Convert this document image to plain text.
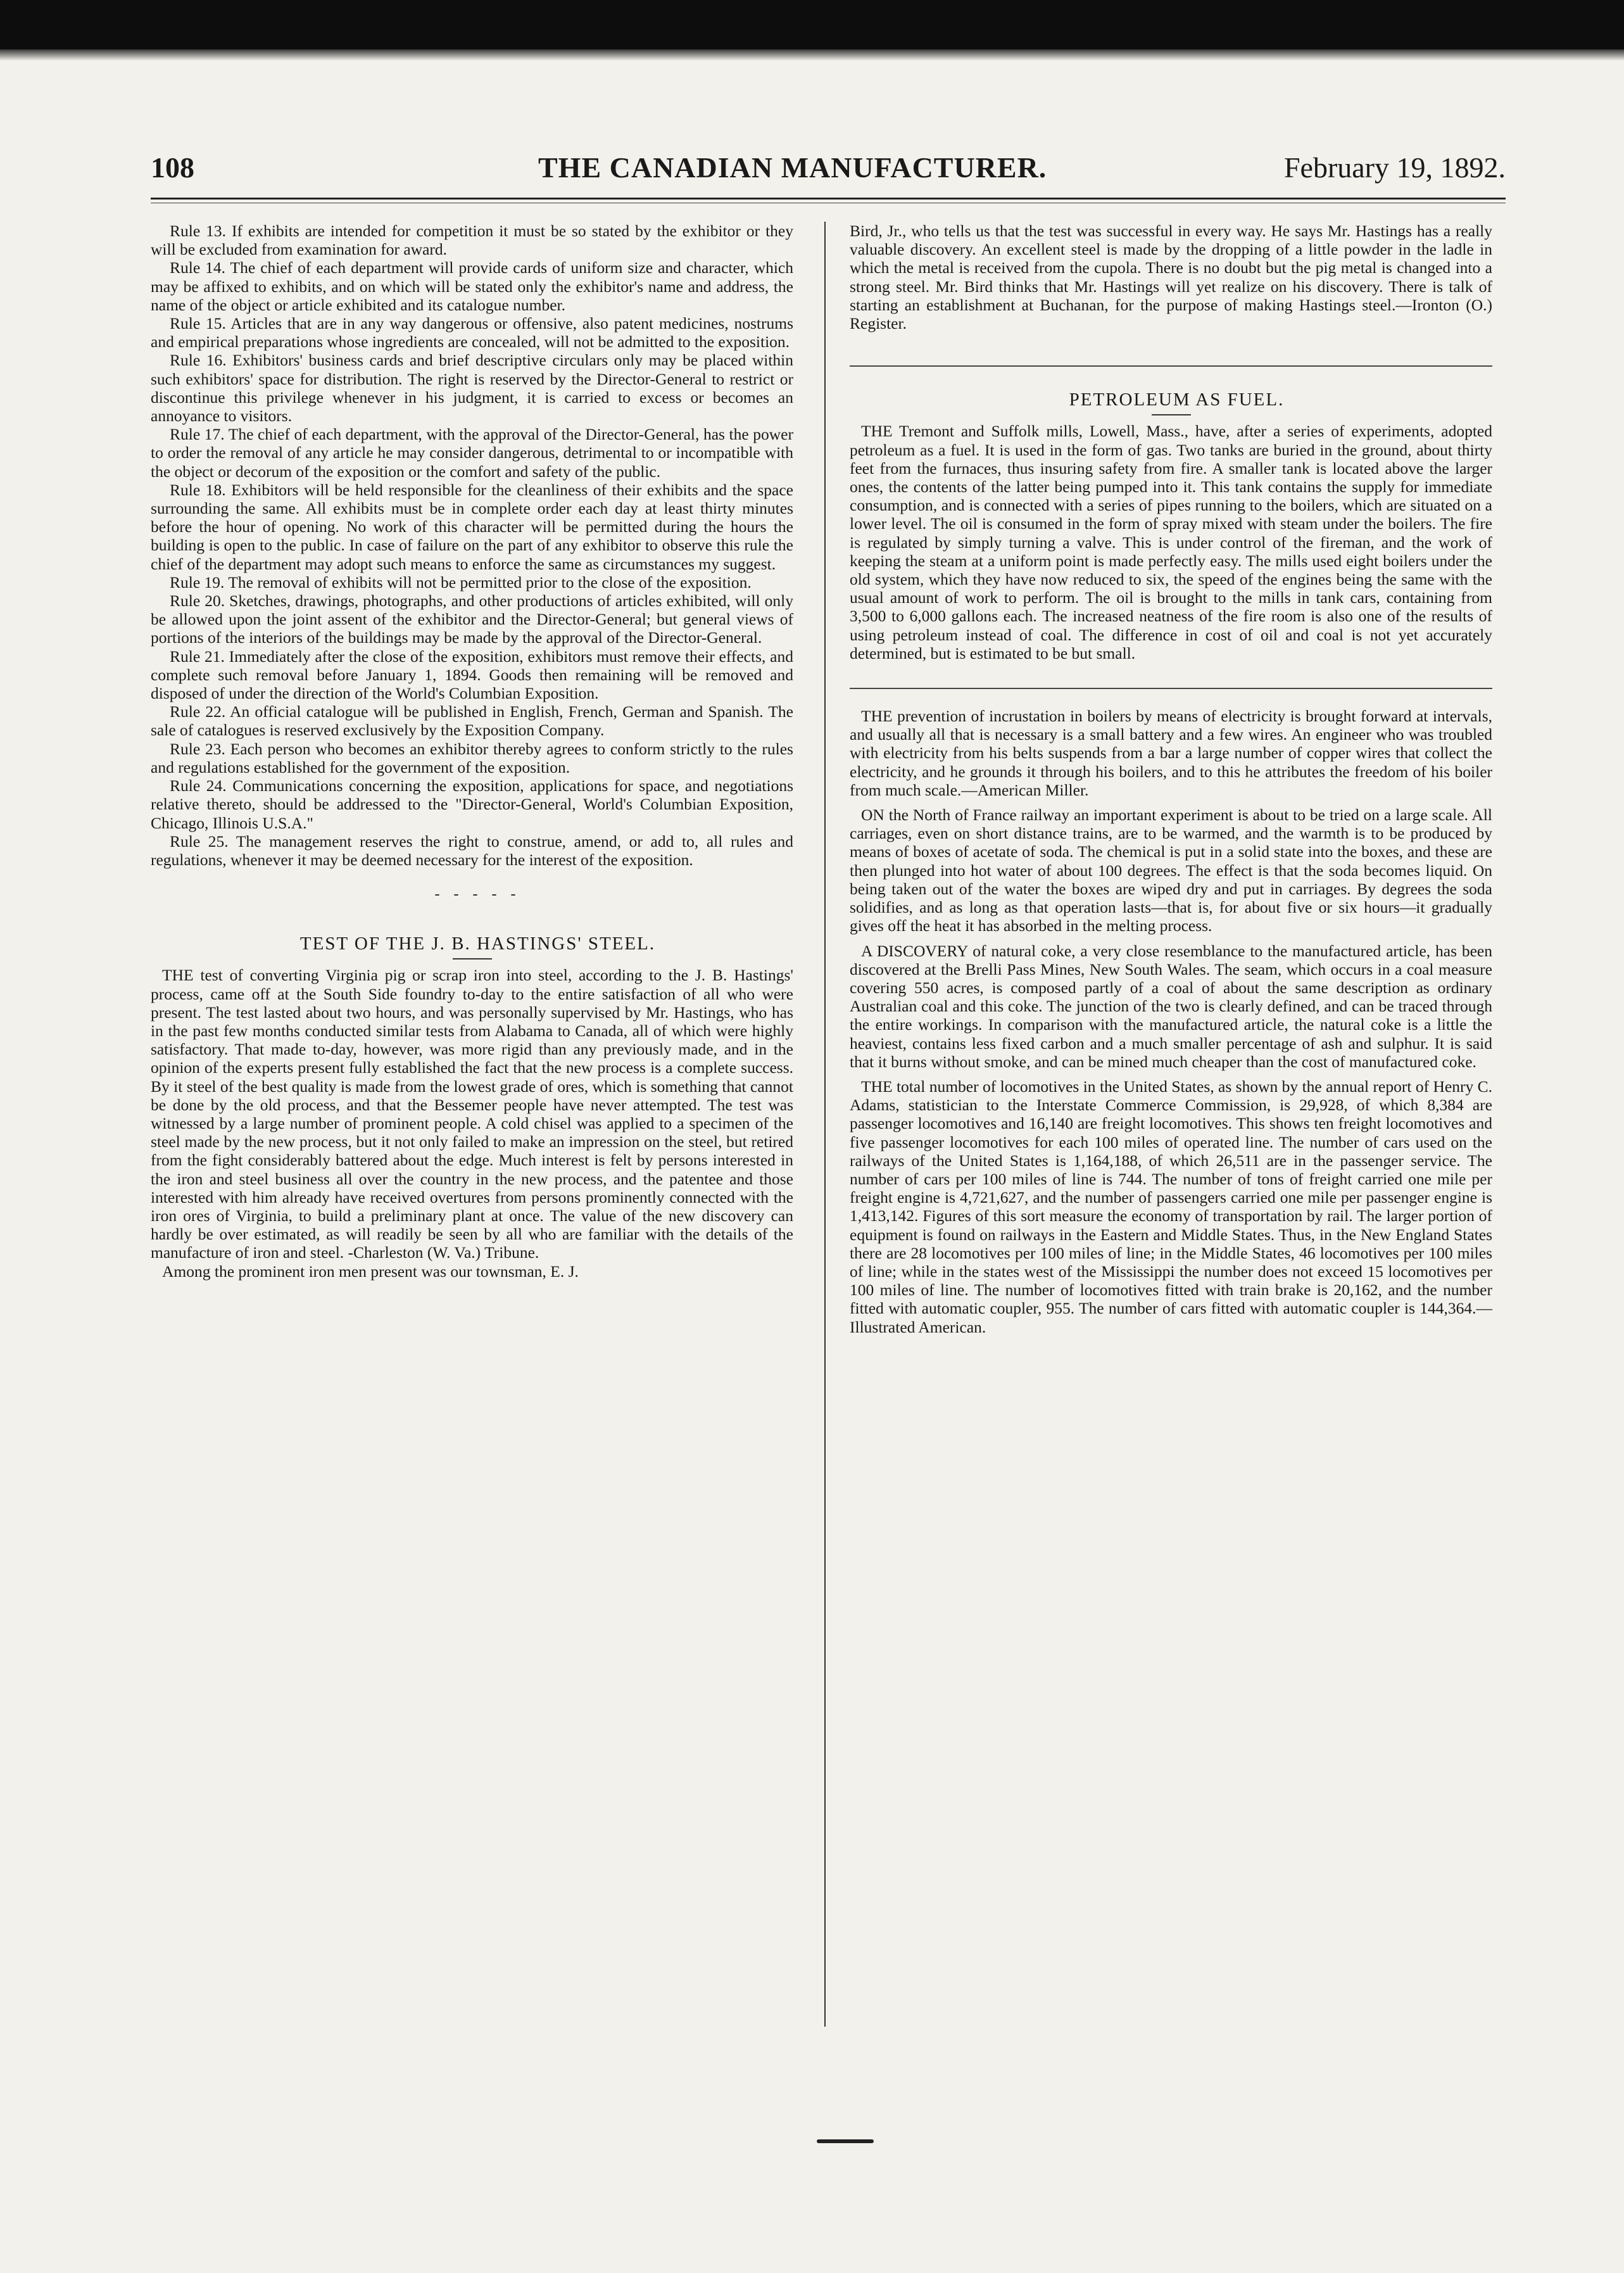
108	THE CANADIAN MANUFACTURER.	February 19, 1892.

Rule 13. If exhibits are intended for competition it must be so stated by the exhibitor or they will be excluded from examination for award.

Rule 14. The chief of each department will provide cards of uniform size and character, which may be affixed to exhibits, and on which will be stated only the exhibitor's name and address, the name of the object or article exhibited and its catalogue number.

Rule 15. Articles that are in any way dangerous or offensive, also patent medicines, nostrums and empirical preparations whose ingredients are concealed, will not be admitted to the exposition.

Rule 16. Exhibitors' business cards and brief descriptive circulars only may be placed within such exhibitors' space for distribution. The right is reserved by the Director-General to restrict or discontinue this privilege whenever in his judgment, it is carried to excess or becomes an annoyance to visitors.

Rule 17. The chief of each department, with the approval of the Director-General, has the power to order the removal of any article he may consider dangerous, detrimental to or incompatible with the object or decorum of the exposition or the comfort and safety of the public.

Rule 18. Exhibitors will be held responsible for the cleanliness of their exhibits and the space surrounding the same. All exhibits must be in complete order each day at least thirty minutes before the hour of opening. No work of this character will be permitted during the hours the building is open to the public. In case of failure on the part of any exhibitor to observe this rule the chief of the department may adopt such means to enforce the same as circumstances my suggest.

Rule 19. The removal of exhibits will not be permitted prior to the close of the exposition.

Rule 20. Sketches, drawings, photographs, and other productions of articles exhibited, will only be allowed upon the joint assent of the exhibitor and the Director-General; but general views of portions of the interiors of the buildings may be made by the approval of the Director-General.

Rule 21. Immediately after the close of the exposition, exhibitors must remove their effects, and complete such removal before January 1, 1894. Goods then remaining will be removed and disposed of under the direction of the World's Columbian Exposition.

Rule 22. An official catalogue will be published in English, French, German and Spanish. The sale of catalogues is reserved exclusively by the Exposition Company.

Rule 23. Each person who becomes an exhibitor thereby agrees to conform strictly to the rules and regulations established for the government of the exposition.

Rule 24. Communications concerning the exposition, applications for space, and negotiations relative thereto, should be addressed to the "Director-General, World's Columbian Exposition, Chicago, Illinois U.S.A."

Rule 25. The management reserves the right to construe, amend, or add to, all rules and regulations, whenever it may be deemed necessary for the interest of the exposition.

- - - - -

TEST OF THE J. B. HASTINGS' STEEL.

THE test of converting Virginia pig or scrap iron into steel, according to the J. B. Hastings' process, came off at the South Side foundry to-day to the entire satisfaction of all who were present. The test lasted about two hours, and was personally supervised by Mr. Hastings, who has in the past few months conducted similar tests from Alabama to Canada, all of which were highly satisfactory. That made to-day, however, was more rigid than any previously made, and in the opinion of the experts present fully established the fact that the new process is a complete success. By it steel of the best quality is made from the lowest grade of ores, which is something that cannot be done by the old process, and that the Bessemer people have never attempted. The test was witnessed by a large number of prominent people. A cold chisel was applied to a specimen of the steel made by the new process, but it not only failed to make an impression on the steel, but retired from the fight considerably battered about the edge. Much interest is felt by persons interested in the iron and steel business all over the country in the new process, and the patentee and those interested with him already have received overtures from persons prominently connected with the iron ores of Virginia, to build a preliminary plant at once. The value of the new discovery can hardly be over estimated, as will readily be seen by all who are familiar with the details of the manufacture of iron and steel. -Charleston (W. Va.) Tribune.

Among the prominent iron men present was our townsman, E. J.

Bird, Jr., who tells us that the test was successful in every way. He says Mr. Hastings has a really valuable discovery. An excellent steel is made by the dropping of a little powder in the ladle in which the metal is received from the cupola. There is no doubt but the pig metal is changed into a strong steel. Mr. Bird thinks that Mr. Hastings will yet realize on his discovery. There is talk of starting an establishment at Buchanan, for the purpose of making Hastings steel.—Ironton (O.) Register.

PETROLEUM AS FUEL.

THE Tremont and Suffolk mills, Lowell, Mass., have, after a series of experiments, adopted petroleum as a fuel. It is used in the form of gas. Two tanks are buried in the ground, about thirty feet from the furnaces, thus insuring safety from fire. A smaller tank is located above the larger ones, the contents of the latter being pumped into it. This tank contains the supply for immediate consumption, and is connected with a series of pipes running to the boilers, which are situated on a lower level. The oil is consumed in the form of spray mixed with steam under the boilers. The fire is regulated by simply turning a valve. This is under control of the fireman, and the work of keeping the steam at a uniform point is made perfectly easy. The mills used eight boilers under the old system, which they have now reduced to six, the speed of the engines being the same with the usual amount of work to perform. The oil is brought to the mills in tank cars, containing from 3,500 to 6,000 gallons each. The increased neatness of the fire room is also one of the results of using petroleum instead of coal. The difference in cost of oil and coal is not yet accurately determined, but is estimated to be but small.

THE prevention of incrustation in boilers by means of electricity is brought forward at intervals, and usually all that is necessary is a small battery and a few wires. An engineer who was troubled with electricity from his belts suspends from a bar a large number of copper wires that collect the electricity, and he grounds it through his boilers, and to this he attributes the freedom of his boiler from much scale.—American Miller.

ON the North of France railway an important experiment is about to be tried on a large scale. All carriages, even on short distance trains, are to be warmed, and the warmth is to be produced by means of boxes of acetate of soda. The chemical is put in a solid state into the boxes, and these are then plunged into hot water of about 100 degrees. The effect is that the soda becomes liquid. On being taken out of the water the boxes are wiped dry and put in carriages. By degrees the soda solidifies, and as long as that operation lasts—that is, for about five or six hours—it gradually gives off the heat it has absorbed in the melting process.

A DISCOVERY of natural coke, a very close resemblance to the manufactured article, has been discovered at the Brelli Pass Mines, New South Wales. The seam, which occurs in a coal measure covering 550 acres, is composed partly of a coal of about the same description as ordinary Australian coal and this coke. The junction of the two is clearly defined, and can be traced through the entire workings. In comparison with the manufactured article, the natural coke is a little the heaviest, contains less fixed carbon and a much smaller percentage of ash and sulphur. It is said that it burns without smoke, and can be mined much cheaper than the cost of manufactured coke.

THE total number of locomotives in the United States, as shown by the annual report of Henry C. Adams, statistician to the Interstate Commerce Commission, is 29,928, of which 8,384 are passenger locomotives and 16,140 are freight locomotives. This shows ten freight locomotives and five passenger locomotives for each 100 miles of operated line. The number of cars used on the railways of the United States is 1,164,188, of which 26,511 are in the passenger service. The number of cars per 100 miles of line is 744. The number of tons of freight carried one mile per freight engine is 4,721,627, and the number of passengers carried one mile per passenger engine is 1,413,142. Figures of this sort measure the economy of transportation by rail. The larger portion of equipment is found on railways in the Eastern and Middle States. Thus, in the New England States there are 28 locomotives per 100 miles of line; in the Middle States, 46 locomotives per 100 miles of line; while in the states west of the Mississippi the number does not exceed 15 locomotives per 100 miles of line. The number of locomotives fitted with train brake is 20,162, and the number fitted with automatic coupler, 955. The number of cars fitted with automatic coupler is 144,364.—Illustrated American.
